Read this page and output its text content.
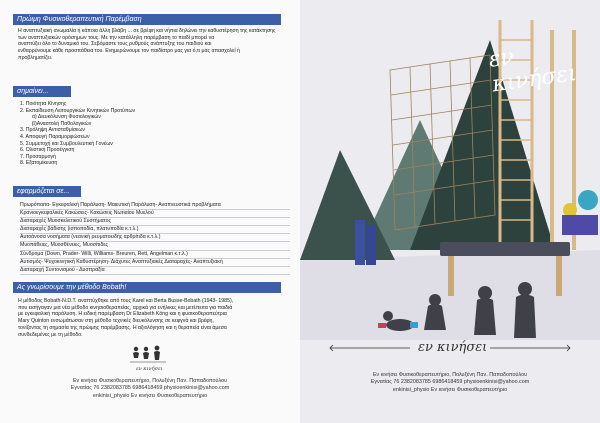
Πρώιμη Φυσικοθεραπευτική Παρέμβαση
Η αναπτυξιακή ανωμαλία ή κάποια άλλη βλάβη ... σε βρέφη και νήπια δηλώνει την καθυστέρηση της κατάκτησης
των αναπτυξιακών ορόσημων τους. Με την κατάλληλη παρέμβαση το παιδί μπορεί να
αναπτύξει όλο το δυναμικό του. Σεβόμαστε τους ρυθμούς ανάπτυξης του παιδιού και
ενθαρρύνουμε κάθε προσπάθεια του. Ενημερώνουμε τον παιδίατρο μας για ό,τι μας απασχολεί ή
προβληματίζει.
σημαίνει...
1. Ποιότητα Κίνησης
2. Εκπαίδευση Λειτουργικών Κινητικών Προτύπων
α) Διευκόλυνση Φυσιολογικών
β)Αναστολή Παθολογικών
3. Πρόληψη Αντισταθμίσεων
4. Αποφυγή Παραμορφώσεων
5. Συμμετοχή και Συμβουλευτική Γονέων
6. Ολιστική Προσέγγιση
7. Προσαρμογή
8. Εξατομίκευση
εφαρμόζεται σε...
Πρωρόπαιτα- Εγκεφαλική Παράλυση- Μαιευτική Παράλυση- Αναπνευστικά προβλήματα
Κρανιοεγκεφαλικές Κακώσεις- Κακώσεις Νωτιαίου Μυελού
Διαταραχές Μυοσκελετικού Συστήματος
Διαταραχές βάδισης (ισποποδία, πλατυποδία κ.τ.λ.)
Αυτοάνοσα νοσήματα (νεανική ρευματοειδής αρθρίτιδα κ.τ.λ.)
Μυοπάθειες, Μυοσθένειες, Μυοσίτιδες
Σύνδρομα (Down, Prader- Willi, Williams- Breuren, Rett, Angelman κ.τ.λ.)
Αυτισμός- Ψυχοκινητική Καθυστέρηση- Διάχυτες Αναπτυξιακές Διαταραχές- Αναπτυξιακή
Διαταραχή Συντονισμού - Δυσπραξία
Ας γνωρίσουμε την μέθοδο Bobath!
Η μέθοδος Bobath-N.D.T. αναπτύχθηκε από τους Karel και Berta Busse-Bobath (1943- 1985),
που εισήγαγαν μια νέα μέθοδο κινησιοθεραπείας, αρχικά για ενήλικες και μετέπειτα για παιδιά
με εγκεφαλική παράλυση. Η ειδική παρέμβαση Dr Elizabeth Köng και η φυσικοθεραπεύτρια
Mary Quinton ενσωμάτωσαν στη μέθοδο τεχνικές διευκόλυνσης σε κεφγνά και βρέφη,
τονίζοντας τη σημασία της πρώιμης παρέμβασης. Η αξιολόγηση και η θεραπεία είναι άμεσα
συνδεδεμένες με τη μέθοδο.
εν κινήσει
Εν κινήσει Φυσικοθεραπευτήριο, Πολυξένη Παν. Παπαδοπούλου
Εγνατίας 76 2382083785 6986418459 physioenkinisi@yahoo.com
enkinisi_physio Εν κινήσει Φυσικοθεραπευτήριο
εν κινήσει
εν κινήσει
Εν κινήσει Φυσικοθεραπευτήριο, Πολυξένη Παν. Παπαδοπούλου
Εγνατίας 76 2382083785 6986418459 physioenkinisi@yahoo.com
enkinisi_physio Εν κινήσει Φυσικοθεραπευτήριο
